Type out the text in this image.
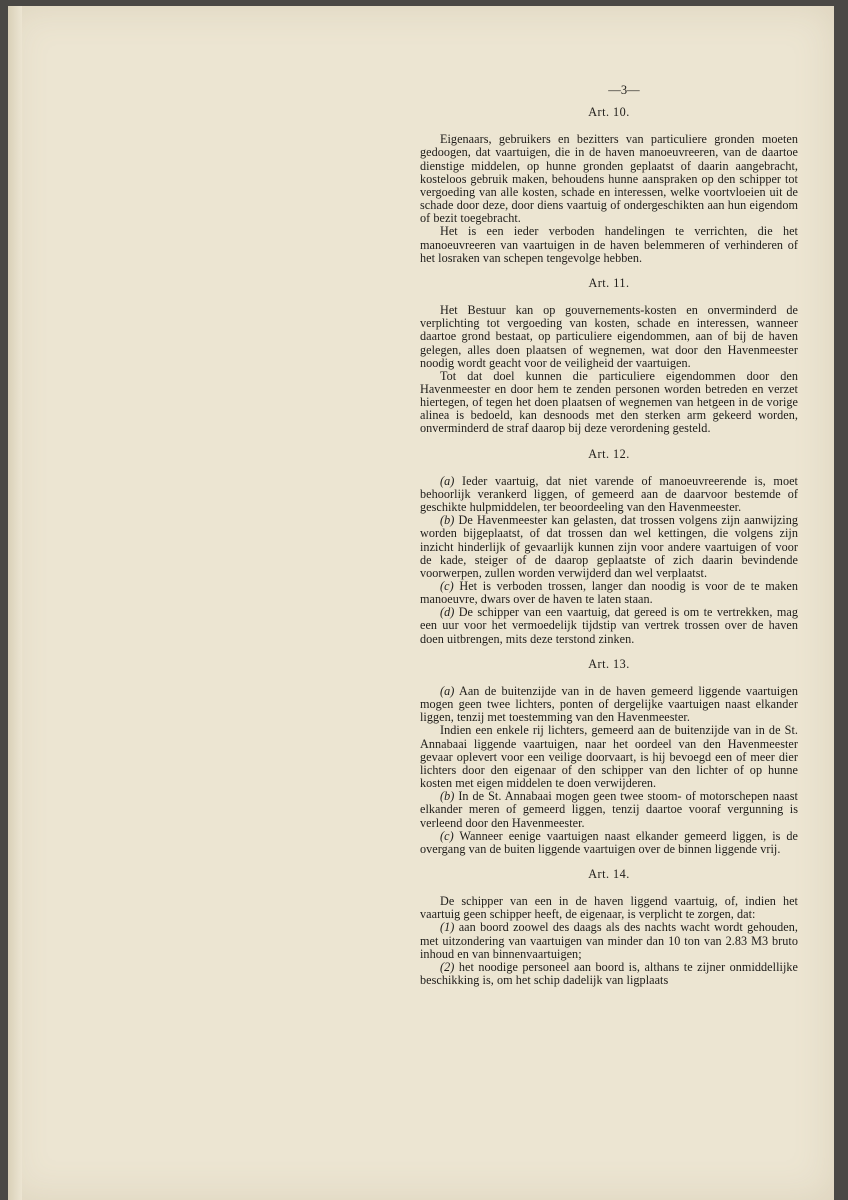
—3—
Art. 10.

Eigenaars, gebruikers en bezitters van particuliere gronden moeten gedoogen, dat vaartuigen, die in de haven manoeuvreeren, van de daartoe dienstige middelen, op hunne gronden geplaatst of daarin aangebracht, kosteloos gebruik maken, behoudens hunne aanspraken op den schipper tot vergoeding van alle kosten, schade en interessen, welke voortvloeien uit de schade door deze, door diens vaartuig of ondergeschikten aan hun eigendom of bezit toegebracht.

Het is een ieder verboden handelingen te verrichten, die het manoeuvreeren van vaartuigen in de haven belemmeren of verhinderen of het losraken van schepen tengevolge hebben.

Art. 11.

Het Bestuur kan op gouvernements-kosten en onverminderd de verplichting tot vergoeding van kosten, schade en interessen, wanneer daartoe grond bestaat, op particuliere eigendommen, aan of bij de haven gelegen, alles doen plaatsen of wegnemen, wat door den Havenmeester noodig wordt geacht voor de veiligheid der vaartuigen.

Tot dat doel kunnen die particuliere eigendommen door den Havenmeester en door hem te zenden personen worden betreden en verzet hiertegen, of tegen het doen plaatsen of wegnemen van hetgeen in de vorige alinea is bedoeld, kan desnoods met den sterken arm gekeerd worden, onverminderd de straf daarop bij deze verordening gesteld.

Art. 12.

(a) Ieder vaartuig, dat niet varende of manoeuvreerende is, moet behoorlijk verankerd liggen, of gemeerd aan de daarvoor bestemde of geschikte hulpmiddelen, ter beoordeeling van den Havenmeester.

(b) De Havenmeester kan gelasten, dat trossen volgens zijn aanwijzing worden bijgeplaatst, of dat trossen dan wel kettingen, die volgens zijn inzicht hinderlijk of gevaarlijk kunnen zijn voor andere vaartuigen of voor de kade, steiger of de daarop geplaatste of zich daarin bevindende voorwerpen, zullen worden verwijderd dan wel verplaatst.

(c) Het is verboden trossen, langer dan noodig is voor de te maken manoeuvre, dwars over de haven te laten staan.

(d) De schipper van een vaartuig, dat gereed is om te vertrekken, mag een uur voor het vermoedelijk tijdstip van vertrek trossen over de haven doen uitbrengen, mits deze terstond zinken.

Art. 13.

(a) Aan de buitenzijde van in de haven gemeerd liggende vaartuigen mogen geen twee lichters, ponten of dergelijke vaartuigen naast elkander liggen, tenzij met toestemming van den Havenmeester.

Indien een enkele rij lichters, gemeerd aan de buitenzijde van in de St. Annabaai liggende vaartuigen, naar het oordeel van den Havenmeester gevaar oplevert voor een veilige doorvaart, is hij bevoegd een of meer dier lichters door den eigenaar of den schipper van den lichter of op hunne kosten met eigen middelen te doen verwijderen.

(b) In de St. Annabaai mogen geen twee stoom- of motorschepen naast elkander meren of gemeerd liggen, tenzij daartoe vooraf vergunning is verleend door den Havenmeester.

(c) Wanneer eenige vaartuigen naast elkander gemeerd liggen, is de overgang van de buiten liggende vaartuigen over de binnen liggende vrij.

Art. 14.

De schipper van een in de haven liggend vaartuig, of, indien het vaartuig geen schipper heeft, de eigenaar, is verplicht te zorgen, dat:

(1) aan boord zoowel des daags als des nachts wacht wordt gehouden, met uitzondering van vaartuigen van minder dan 10 ton van 2.83 M3 bruto inhoud en van binnenvaartuigen;

(2) het noodige personeel aan boord is, althans te zijner onmiddellijke beschikking is, om het schip dadelijk van ligplaats
